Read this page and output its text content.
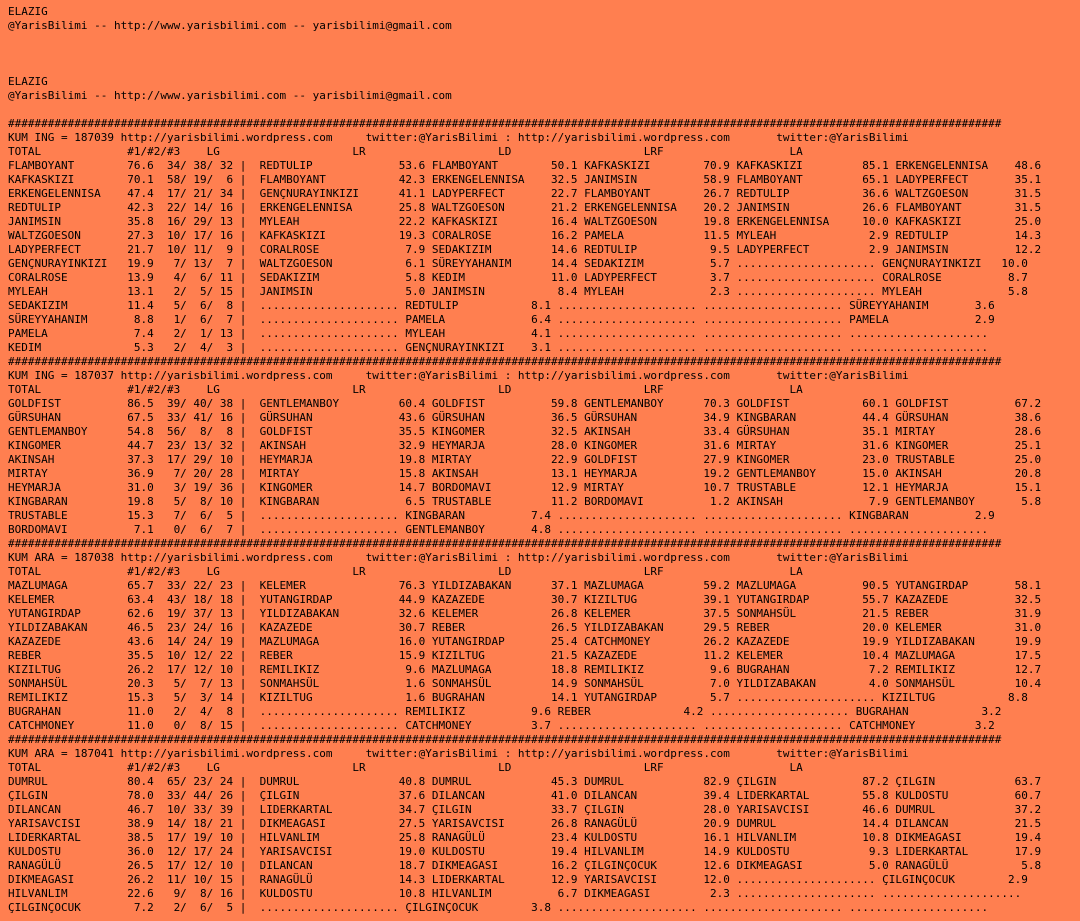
ELAZIG
@YarisBilimi -- http://www.yarisbilimi.com -- yarisbilimi@gmail.com
ELAZIG
@YarisBilimi -- http://www.yarisbilimi.com -- yarisbilimi@gmail.com
######################################################################################################################################################
KUM ING = 187039 http://yarisbilimi.wordpress.com     twitter:@YarisBilimi : http://yarisbilimi.wordpress.com       twitter:@YarisBilimi
TOTAL             #1/#2/#3    LG                    LR                    LD                    LRF                   LA
FLAMBOYANT        76.6  34/ 38/ 32 |  REDTULIP             53.6 FLAMBOYANT        50.1 KAFKASKIZI        70.9 KAFKASKIZI         85.1 ERKENGELENNISA    48.6
KAFKASKIZI        70.1  58/ 19/  6 |  FLAMBOYANT           42.3 ERKENGELENNISA    32.5 JANIMSIN          58.9 FLAMBOYANT         65.1 LADYPERFECT       35.1
ERKENGELENNISA    47.4  17/ 21/ 34 |  GENÇNURAYINKIZI      41.1 LADYPERFECT       22.7 FLAMBOYANT        26.7 REDTULIP           36.6 WALTZGOESON       31.5
REDTULIP          42.3  22/ 14/ 16 |  ERKENGELENNISA       25.8 WALTZGOESON       21.2 ERKENGELENNISA    20.2 JANIMSIN           26.6 FLAMBOYANT        31.5
JANIMSIN          35.8  16/ 29/ 13 |  MYLEAH               22.2 KAFKASKIZI        16.4 WALTZGOESON       19.8 ERKENGELENNISA     10.0 KAFKASKIZI        25.0
WALTZGOESON       27.3  10/ 17/ 16 |  KAFKASKIZI           19.3 CORALROSE         16.2 PAMELA            11.5 MYLEAH              2.9 REDTULIP          14.3
LADYPERFECT       21.7  10/ 11/  9 |  CORALROSE             7.9 SEDAKIZIM         14.6 REDTULIP           9.5 LADYPERFECT         2.9 JANIMSIN          12.2
GENÇNURAYINKIZI   19.9   7/ 13/  7 |  WALTZGOESON           6.1 SÜREYYAHANIM      14.4 SEDAKIZIM          5.7 ..................... GENÇNURAYINKIZI   10.0
CORALROSE         13.9   4/  6/ 11 |  SEDAKIZIM             5.8 KEDIM             11.0 LADYPERFECT        3.7 ..................... CORALROSE          8.7
MYLEAH            13.1   2/  5/ 15 |  JANIMSIN              5.0 JANIMSIN           8.4 MYLEAH             2.3 ..................... MYLEAH             5.8
SEDAKIZIM         11.4   5/  6/  8 |  ..................... REDTULIP           8.1 ..................... ..................... SÜREYYAHANIM       3.6
SÜREYYAHANIM       8.8   1/  6/  7 |  ..................... PAMELA             6.4 ..................... ..................... PAMELA             2.9
PAMELA             7.4   2/  1/ 13 |  ..................... MYLEAH             4.1 ..................... ..................... .....................
KEDIM              5.3   2/  4/  3 |  ..................... GENÇNURAYINKIZI    3.1 ..................... ..................... .....................
######################################################################################################################################################
KUM ING = 187037 http://yarisbilimi.wordpress.com     twitter:@YarisBilimi : http://yarisbilimi.wordpress.com       twitter:@YarisBilimi
TOTAL             #1/#2/#3    LG                    LR                    LD                    LRF                   LA
GOLDFIST          86.5  39/ 40/ 38 |  GENTLEMANBOY         60.4 GOLDFIST          59.8 GENTLEMANBOY      70.3 GOLDFIST           60.1 GOLDFIST          67.2
GÜRSUHAN          67.5  33/ 41/ 16 |  GÜRSUHAN             43.6 GÜRSUHAN          36.5 GÜRSUHAN          34.9 KINGBARAN          44.4 GÜRSUHAN          38.6
GENTLEMANBOY      54.8  56/  8/  8 |  GOLDFIST             35.5 KINGOMER          32.5 AKINSAH           33.4 GÜRSUHAN           35.1 MIRTAY            28.6
KINGOMER          44.7  23/ 13/ 32 |  AKINSAH              32.9 HEYMARJA          28.0 KINGOMER          31.6 MIRTAY             31.6 KINGOMER          25.1
AKINSAH           37.3  17/ 29/ 10 |  HEYMARJA             19.8 MIRTAY            22.9 GOLDFIST          27.9 KINGOMER           23.0 TRUSTABLE         25.0
MIRTAY            36.9   7/ 20/ 28 |  MIRTAY               15.8 AKINSAH           13.1 HEYMARJA          19.2 GENTLEMANBOY       15.0 AKINSAH           20.8
HEYMARJA          31.0   3/ 19/ 36 |  KINGOMER             14.7 BORDOMAVI         12.9 MIRTAY            10.7 TRUSTABLE          12.1 HEYMARJA          15.1
KINGBARAN         19.8   5/  8/ 10 |  KINGBARAN             6.5 TRUSTABLE         11.2 BORDOMAVI          1.2 AKINSAH             7.9 GENTLEMANBOY       5.8
TRUSTABLE         15.3   7/  6/  5 |  ..................... KINGBARAN          7.4 ..................... ..................... KINGBARAN          2.9
BORDOMAVI          7.1   0/  6/  7 |  ..................... GENTLEMANBOY       4.8 ..................... ..................... .....................
######################################################################################################################################################
KUM ARA = 187038 http://yarisbilimi.wordpress.com     twitter:@YarisBilimi : http://yarisbilimi.wordpress.com       twitter:@YarisBilimi
TOTAL             #1/#2/#3    LG                    LR                    LD                    LRF                   LA
MAZLUMAGA         65.7  33/ 22/ 23 |  KELEMER              76.3 YILDIZABAKAN      37.1 MAZLUMAGA         59.2 MAZLUMAGA          90.5 YUTANGIRDAP       58.1
KELEMER           63.4  43/ 18/ 18 |  YUTANGIRDAP          44.9 KAZAZEDE          30.7 KIZILTUG          39.1 YUTANGIRDAP        55.7 KAZAZEDE          32.5
YUTANGIRDAP       62.6  19/ 37/ 13 |  YILDIZABAKAN         32.6 KELEMER           26.8 KELEMER           37.5 SONMAHSÜL          21.5 REBER             31.9
YILDIZABAKAN      46.5  23/ 24/ 16 |  KAZAZEDE             30.7 REBER             26.5 YILDIZABAKAN      29.5 REBER              20.0 KELEMER           31.0
KAZAZEDE          43.6  14/ 24/ 19 |  MAZLUMAGA            16.0 YUTANGIRDAP       25.4 CATCHMONEY        26.2 KAZAZEDE           19.9 YILDIZABAKAN      19.9
REBER             35.5  10/ 12/ 22 |  REBER                15.9 KIZILTUG          21.5 KAZAZEDE          11.2 KELEMER            10.4 MAZLUMAGA         17.5
KIZILTUG          26.2  17/ 12/ 10 |  REMILIKIZ             9.6 MAZLUMAGA         18.8 REMILIKIZ          9.6 BUGRAHAN            7.2 REMILIKIZ         12.7
SONMAHSÜL         20.3   5/  7/ 13 |  SONMAHSÜL             1.6 SONMAHSÜL         14.9 SONMAHSÜL          7.0 YILDIZABAKAN        4.0 SONMAHSÜL         10.4
REMILIKIZ         15.3   5/  3/ 14 |  KIZILTUG              1.6 BUGRAHAN          14.1 YUTANGIRDAP        5.7 ..................... KIZILTUG           8.8
BUGRAHAN          11.0   2/  4/  8 |  ..................... REMILIKIZ          9.6 REBER              4.2 ..................... BUGRAHAN           3.2
CATCHMONEY        11.0   0/  8/ 15 |  ..................... CATCHMONEY         3.7 ..................... ..................... CATCHMONEY         3.2
######################################################################################################################################################
KUM ARA = 187041 http://yarisbilimi.wordpress.com     twitter:@YarisBilimi : http://yarisbilimi.wordpress.com       twitter:@YarisBilimi
TOTAL             #1/#2/#3    LG                    LR                    LD                    LRF                   LA
DUMRUL            80.4  65/ 23/ 24 |  DUMRUL               40.8 DUMRUL            45.3 DUMRUL            82.9 ÇILGIN             87.2 ÇILGIN            63.7
ÇILGIN            78.0  33/ 44/ 26 |  ÇILGIN               37.6 DILANCAN          41.0 DILANCAN          39.4 LIDERKARTAL        55.8 KULDOSTU          60.7
DILANCAN          46.7  10/ 33/ 39 |  LIDERKARTAL          34.7 ÇILGIN            33.7 ÇILGIN            28.0 YARISAVCISI        46.6 DUMRUL            37.2
YARISAVCISI       38.9  14/ 18/ 21 |  DIKMEAGASI           27.5 YARISAVCISI       26.8 RANAGÜLÜ          20.9 DUMRUL             14.4 DILANCAN          21.5
LIDERKARTAL       38.5  17/ 19/ 10 |  HILVANLIM            25.8 RANAGÜLÜ          23.4 KULDOSTU          16.1 HILVANLIM          10.8 DIKMEAGASI        19.4
KULDOSTU          36.0  12/ 17/ 24 |  YARISAVCISI          19.0 KULDOSTU          19.4 HILVANLIM         14.9 KULDOSTU            9.3 LIDERKARTAL       17.9
RANAGÜLÜ          26.5  17/ 12/ 10 |  DILANCAN             18.7 DIKMEAGASI        16.2 ÇILGINÇOCUK       12.6 DIKMEAGASI          5.0 RANAGÜLÜ           5.8
DIKMEAGASI        26.2  11/ 10/ 15 |  RANAGÜLÜ             14.3 LIDERKARTAL       12.9 YARISAVCISI       12.0 ..................... ÇILGINÇOCUK        2.9
HILVANLIM         22.6   9/  8/ 16 |  KULDOSTU             10.8 HILVANLIM          6.7 DIKMEAGASI         2.3 ..................... .....................
ÇILGINÇOCUK        7.2   2/  6/  5 |  ..................... ÇILGINÇOCUK        3.8 ..................... ..................... .....................
